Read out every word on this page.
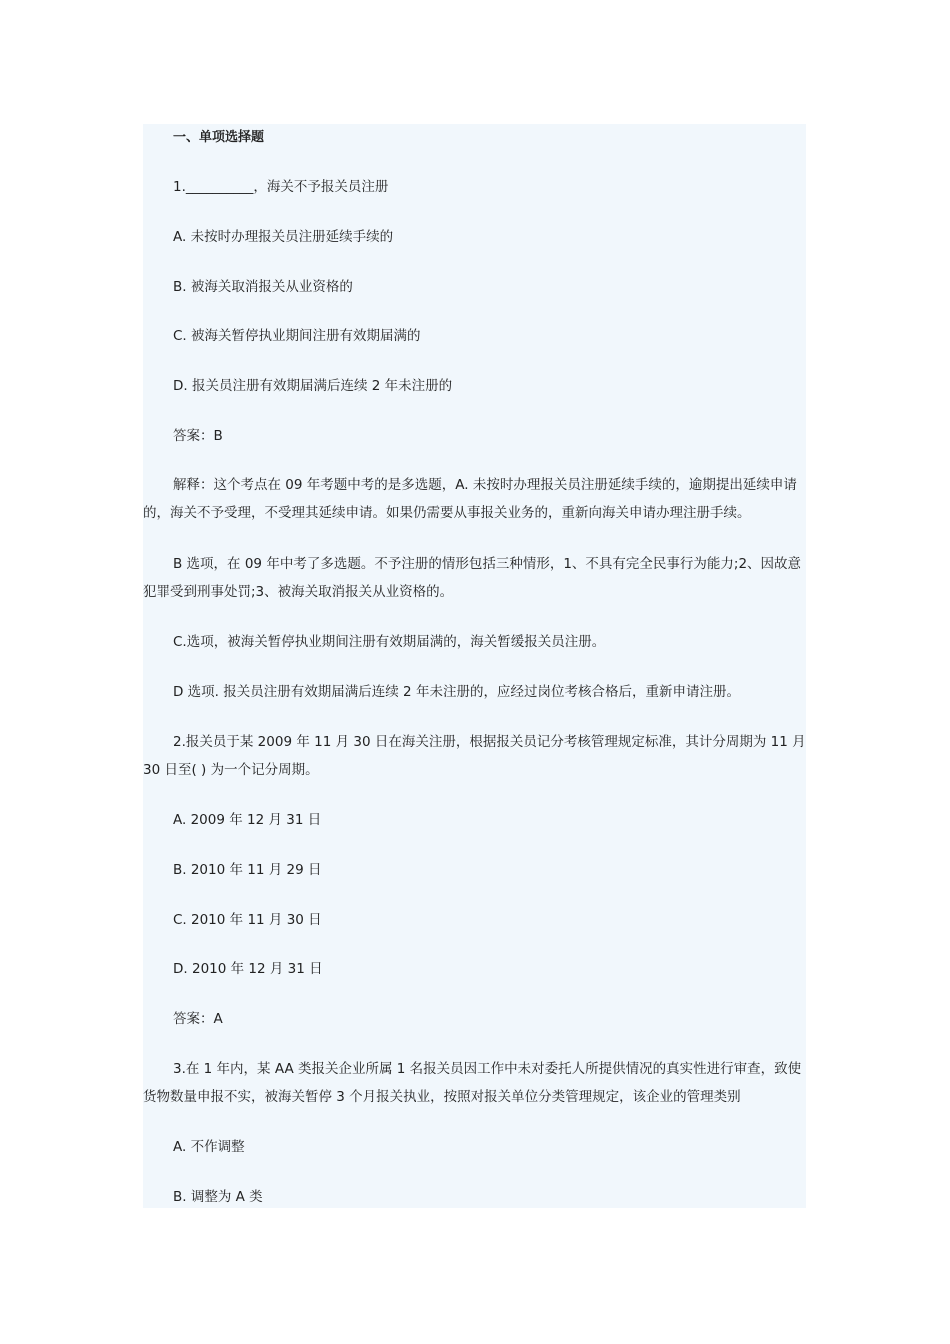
一、单项选择题

1.__________，海关不予报关员注册

A. 未按时办理报关员注册延续手续的

B. 被海关取消报关从业资格的

C. 被海关暂停执业期间注册有效期届满的

D. 报关员注册有效期届满后连续 2 年未注册的

答案：B

解释：这个考点在 09 年考题中考的是多选题，A. 未按时办理报关员注册延续手续的，逾期提出延续申请的，海关不予受理，不受理其延续申请。如果仍需要从事报关业务的，重新向海关申请办理注册手续。

B 选项，在 09 年中考了多选题。不予注册的情形包括三种情形，1、不具有完全民事行为能力;2、因故意犯罪受到刑事处罚;3、被海关取消报关从业资格的。

C.选项，被海关暂停执业期间注册有效期届满的，海关暂缓报关员注册。

D 选项. 报关员注册有效期届满后连续 2 年未注册的，应经过岗位考核合格后，重新申请注册。

2.报关员于某 2009 年 11 月 30 日在海关注册，根据报关员记分考核管理规定标准，其计分周期为 11 月 30 日至( ) 为一个记分周期。

A. 2009 年 12 月 31 日

B. 2010 年 11 月 29 日

C. 2010 年 11 月 30 日

D. 2010 年 12 月 31 日

答案：A

3.在 1 年内，某 AA 类报关企业所属 1 名报关员因工作中未对委托人所提供情况的真实性进行审查，致使货物数量申报不实，被海关暂停 3 个月报关执业，按照对报关单位分类管理规定，该企业的管理类别

A. 不作调整

B. 调整为 A 类
